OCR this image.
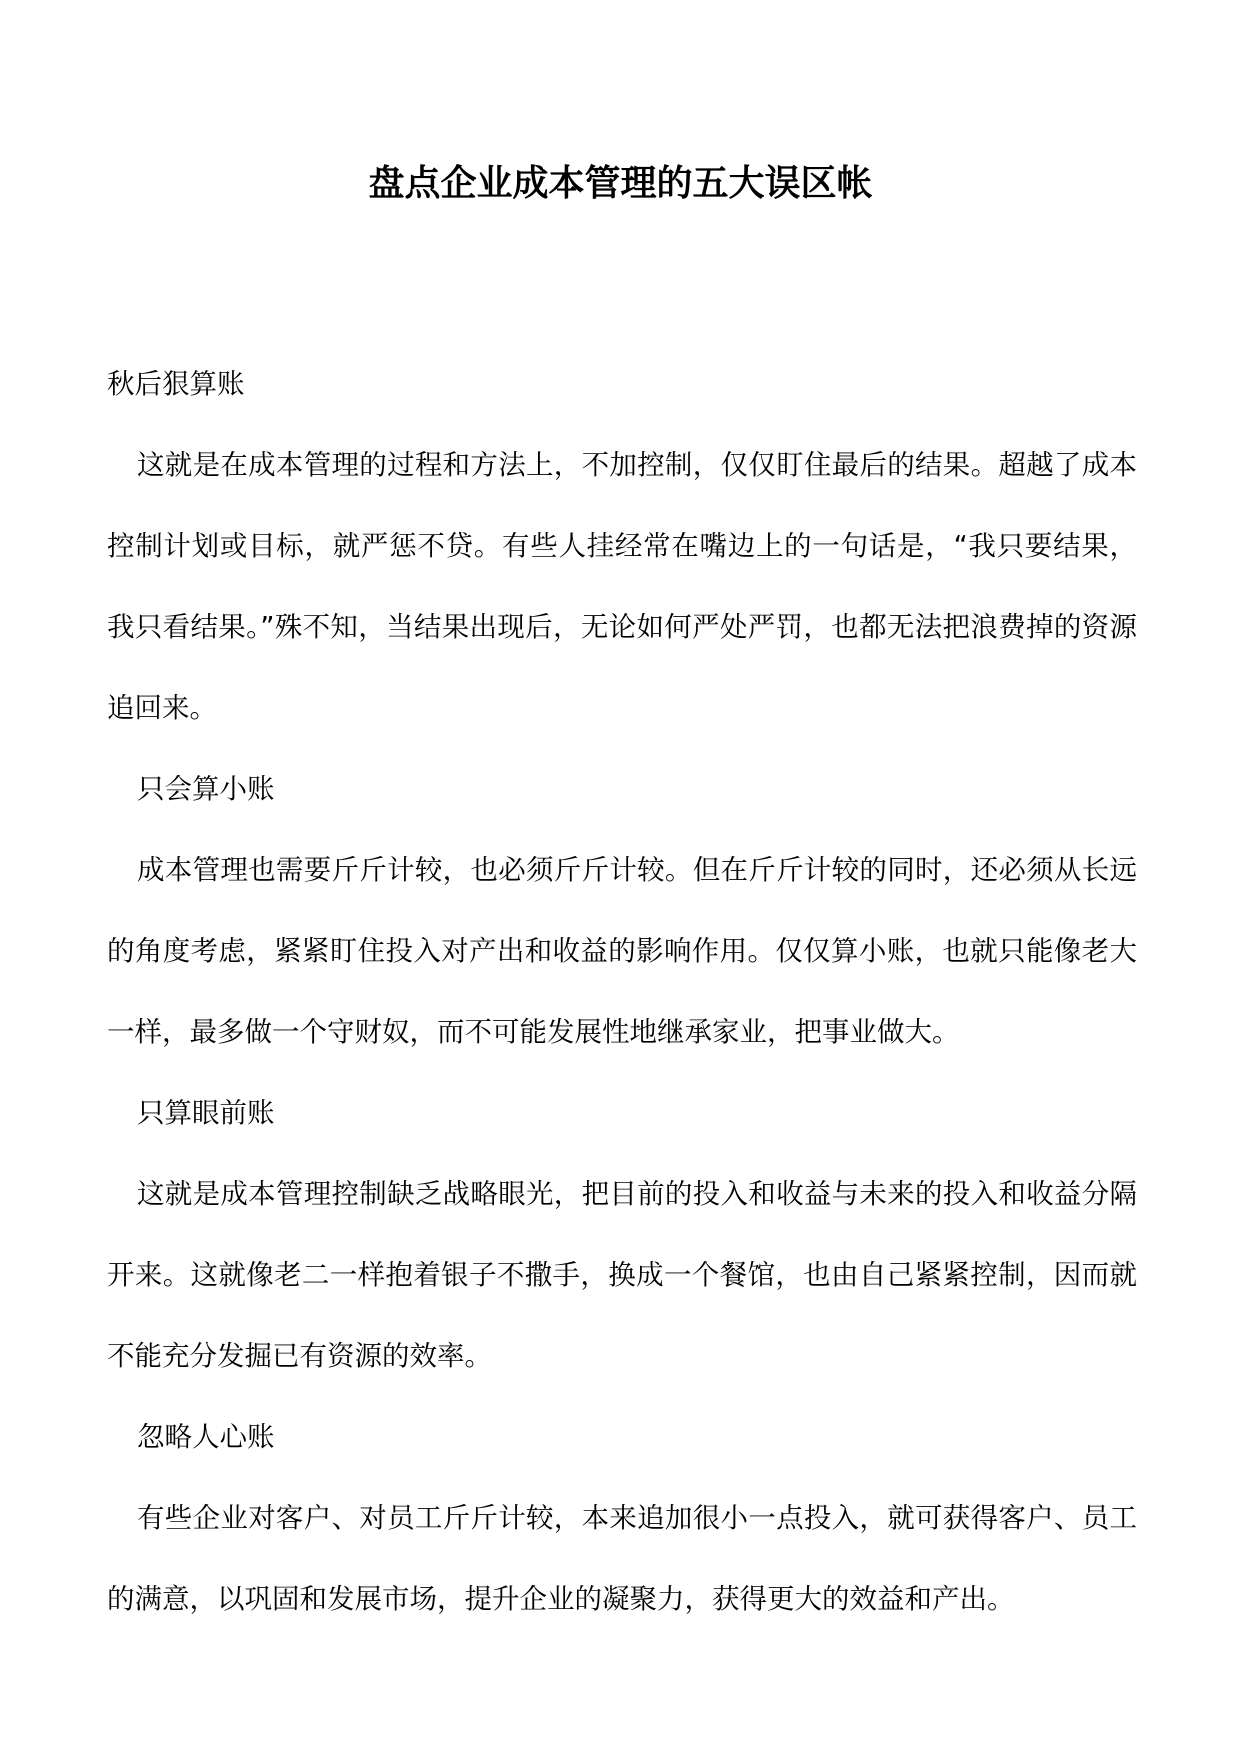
盘点企业成本管理的五大误区帐

秋后狠算账

这就是在成本管理的过程和方法上，不加控制，仅仅盯住最后的结果。超越了成本控制计划或目标，就严惩不贷。有些人挂经常在嘴边上的一句话是，“我只要结果，我只看结果。”殊不知，当结果出现后，无论如何严处严罚，也都无法把浪费掉的资源追回来。

只会算小账

成本管理也需要斤斤计较，也必须斤斤计较。但在斤斤计较的同时，还必须从长远的角度考虑，紧紧盯住投入对产出和收益的影响作用。仅仅算小账，也就只能像老大一样，最多做一个守财奴，而不可能发展性地继承家业，把事业做大。

只算眼前账

这就是成本管理控制缺乏战略眼光，把目前的投入和收益与未来的投入和收益分隔开来。这就像老二一样抱着银子不撒手，换成一个餐馆，也由自己紧紧控制，因而就不能充分发掘已有资源的效率。

忽略人心账

有些企业对客户、对员工斤斤计较，本来追加很小一点投入，就可获得客户、员工的满意，以巩固和发展市场，提升企业的凝聚力，获得更大的效益和产出。
